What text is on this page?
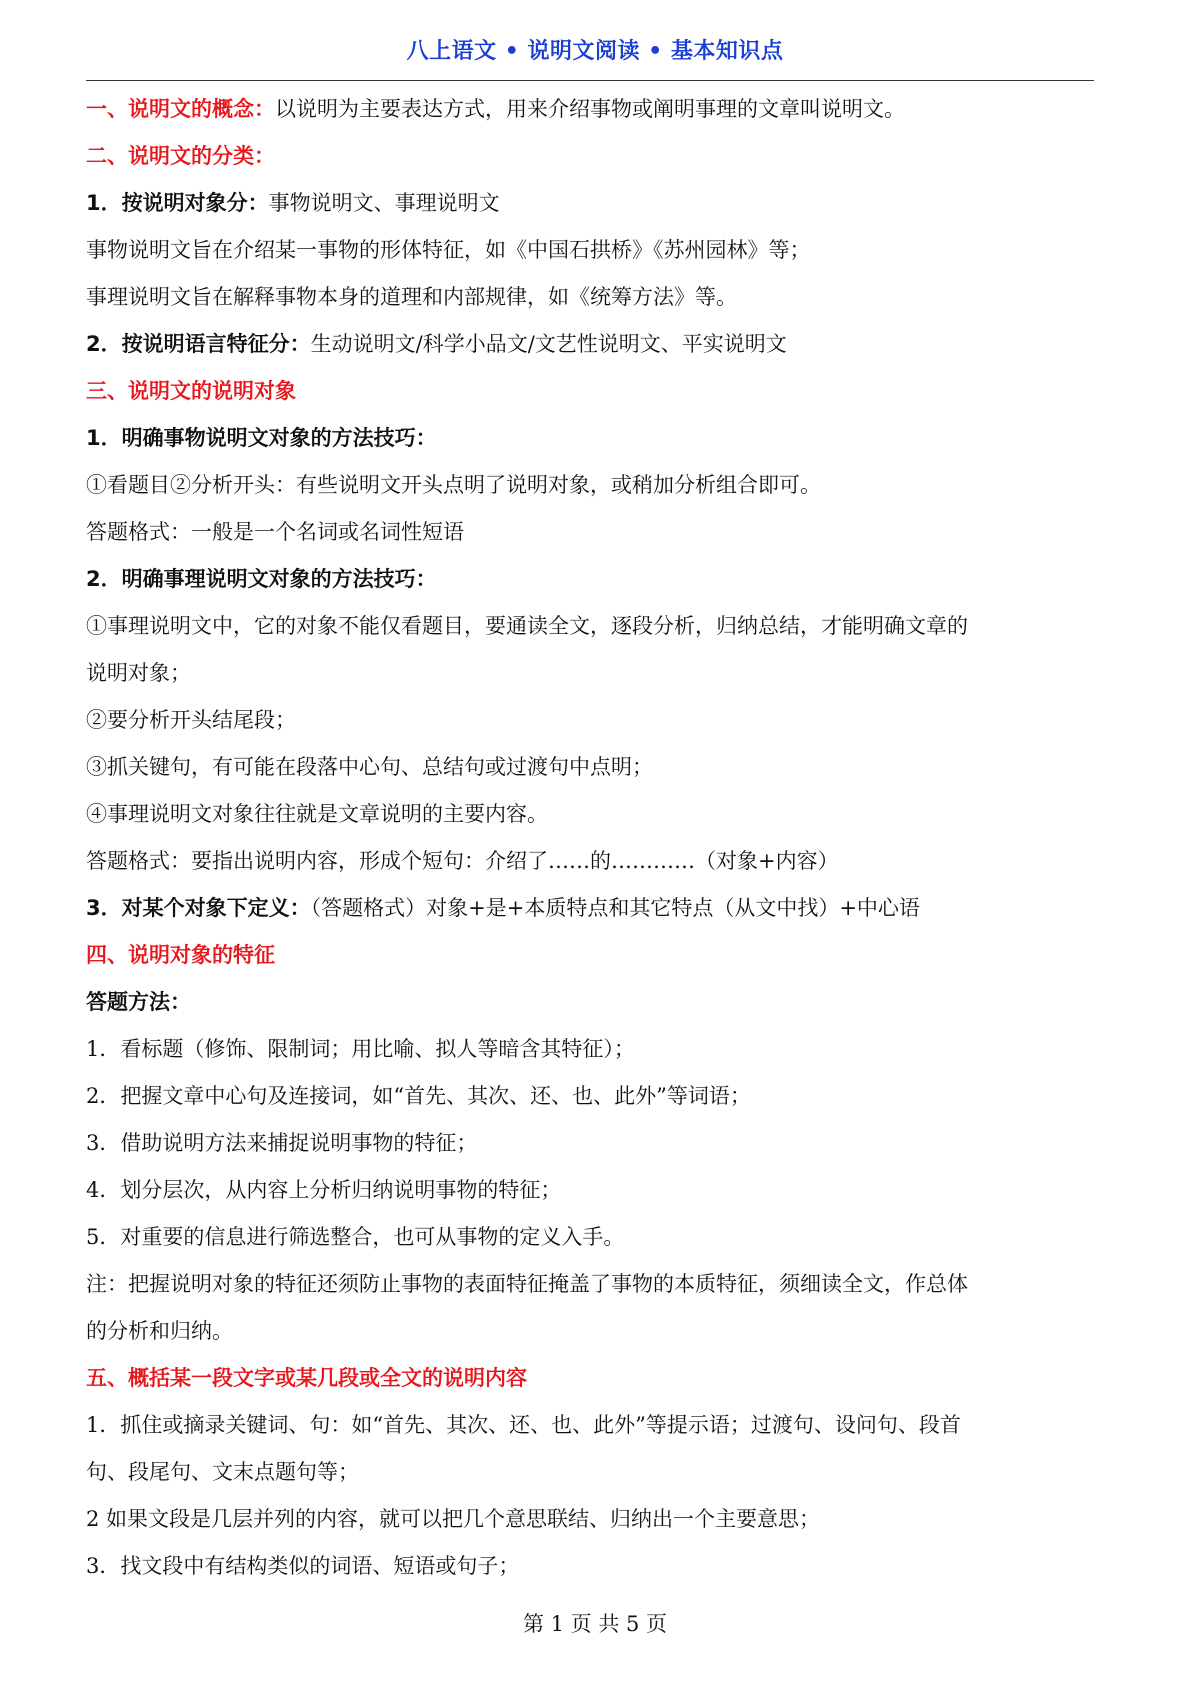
八上语文 • 说明文阅读 • 基本知识点
一、说明文的概念：以说明为主要表达方式，用来介绍事物或阐明事理的文章叫说明文。
二、说明文的分类：
1．按说明对象分：事物说明文、事理说明文
事物说明文旨在介绍某一事物的形体特征，如《中国石拱桥》《苏州园林》等；
事理说明文旨在解释事物本身的道理和内部规律，如《统筹方法》等。
2．按说明语言特征分：生动说明文/科学小品文/文艺性说明文、平实说明文
三、说明文的说明对象
1．明确事物说明文对象的方法技巧：
①看题目②分析开头：有些说明文开头点明了说明对象，或稍加分析组合即可。
答题格式：一般是一个名词或名词性短语
2．明确事理说明文对象的方法技巧：
①事理说明文中，它的对象不能仅看题目，要通读全文，逐段分析，归纳总结，才能明确文章的
说明对象；
②要分析开头结尾段；
③抓关键句，有可能在段落中心句、总结句或过渡句中点明；
④事理说明文对象往往就是文章说明的主要内容。
答题格式：要指出说明内容，形成个短句：介绍了……的…………（对象+内容）
3．对某个对象下定义：（答题格式）对象+是+本质特点和其它特点（从文中找）+中心语
四、说明对象的特征
答题方法：
1．看标题（修饰、限制词；用比喻、拟人等暗含其特征）；
2．把握文章中心句及连接词，如“首先、其次、还、也、此外”等词语；
3．借助说明方法来捕捉说明事物的特征；
4．划分层次，从内容上分析归纳说明事物的特征；
5．对重要的信息进行筛选整合，也可从事物的定义入手。
注：把握说明对象的特征还须防止事物的表面特征掩盖了事物的本质特征，须细读全文，作总体
的分析和归纳。
五、概括某一段文字或某几段或全文的说明内容
1．抓住或摘录关键词、句：如“首先、其次、还、也、此外”等提示语；过渡句、设问句、段首
句、段尾句、文末点题句等；
2 如果文段是几层并列的内容，就可以把几个意思联结、归纳出一个主要意思；
3．找文段中有结构类似的词语、短语或句子；
第 1 页 共 5 页
